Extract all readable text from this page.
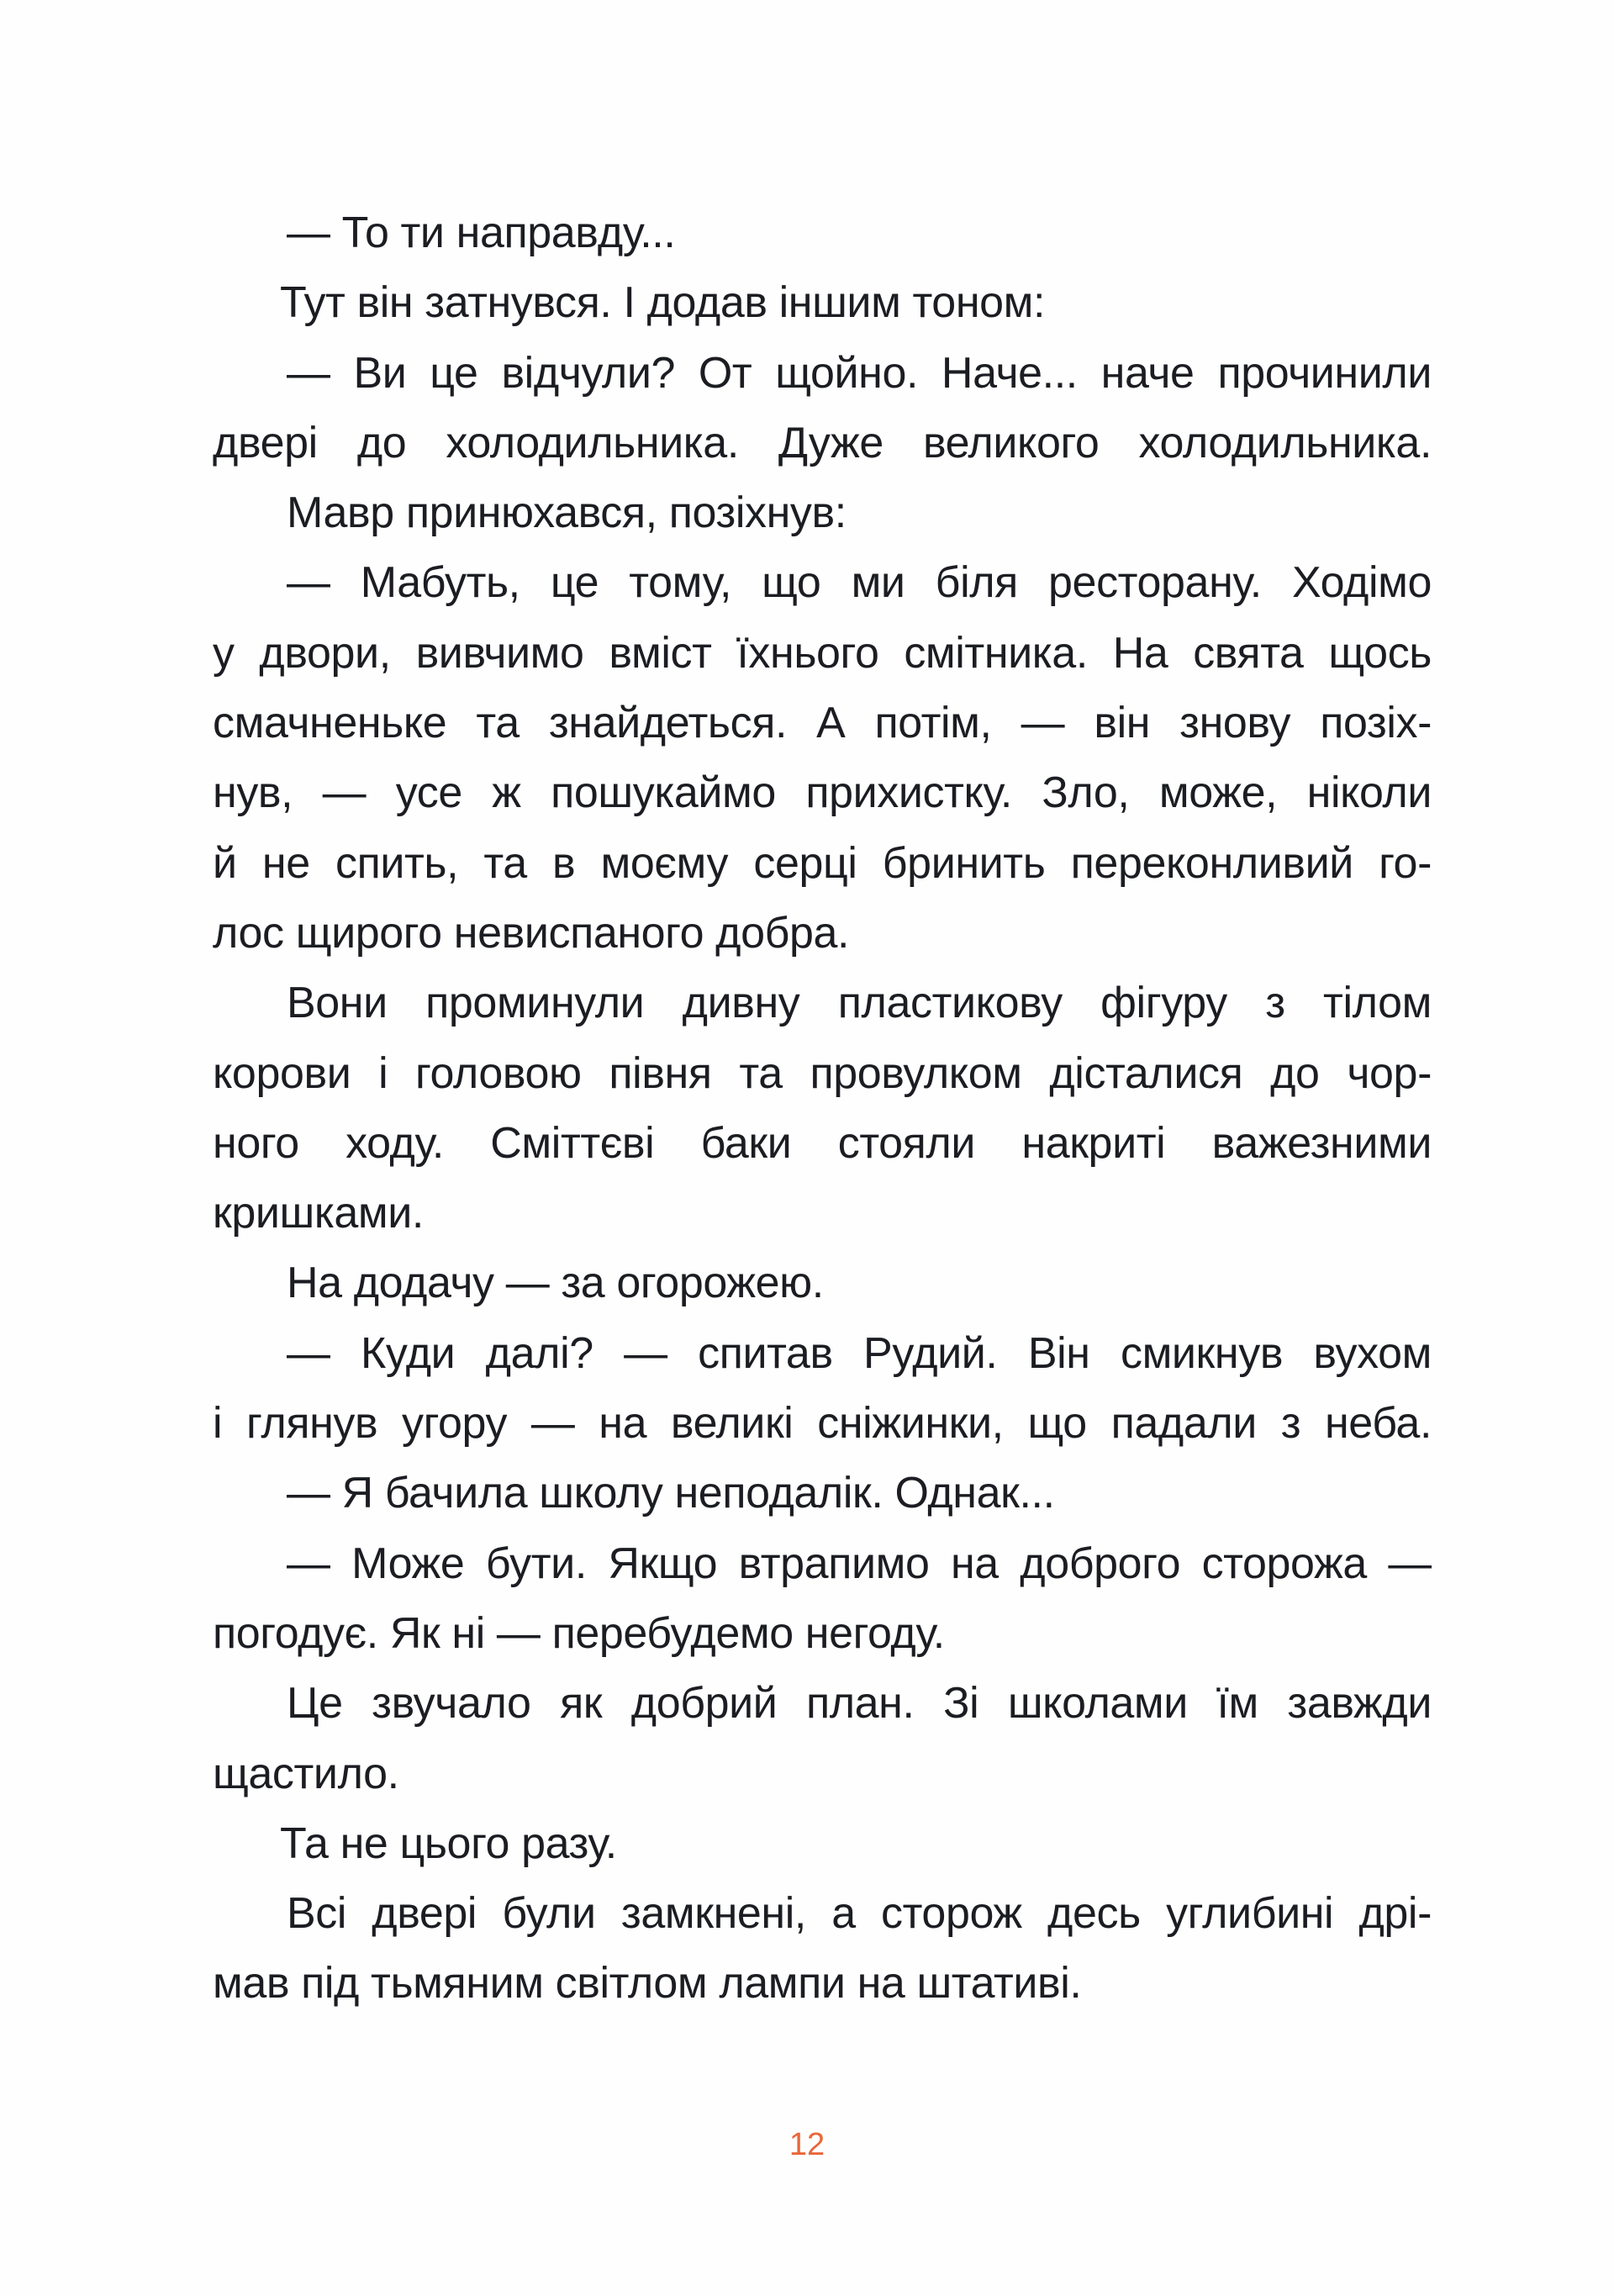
— То ти направду...
Тут він затнувся. І додав іншим тоном:
— Ви це відчули? От щойно. Наче... наче прочинили
двері до холодильника. Дуже великого холодильника.
Мавр принюхався, позіхнув:
— Мабуть, це тому, що ми біля ресторану. Ходімо
у двори, вивчимо вміст їхнього смітника. На свята щось
смачненьке та знайдеться. А потім, — він знову позіх-
нув, — усе ж пошукаймо прихистку. Зло, може, ніколи
й не спить, та в моєму серці бринить переконливий го-
лос щирого невиспаного добра.
Вони проминули дивну пластикову фігуру з тілом
корови і головою півня та провулком дісталися до чор-
ного ходу. Сміттєві баки стояли накриті важезними
кришками.
На додачу — за огорожею.
— Куди далі? — спитав Рудий. Він смикнув вухом
і глянув угору — на великі сніжинки, що падали з неба.
— Я бачила школу неподалік. Однак...
— Може бути. Якщо втрапимо на доброго сторожа —
погодує. Як ні — перебудемо негоду.
Це звучало як добрий план. Зі школами їм завжди
щастило.
Та не цього разу.
Всі двері були замкнені, а сторож десь углибині дрі-
мав під тьмяним світлом лампи на штативі.
12
